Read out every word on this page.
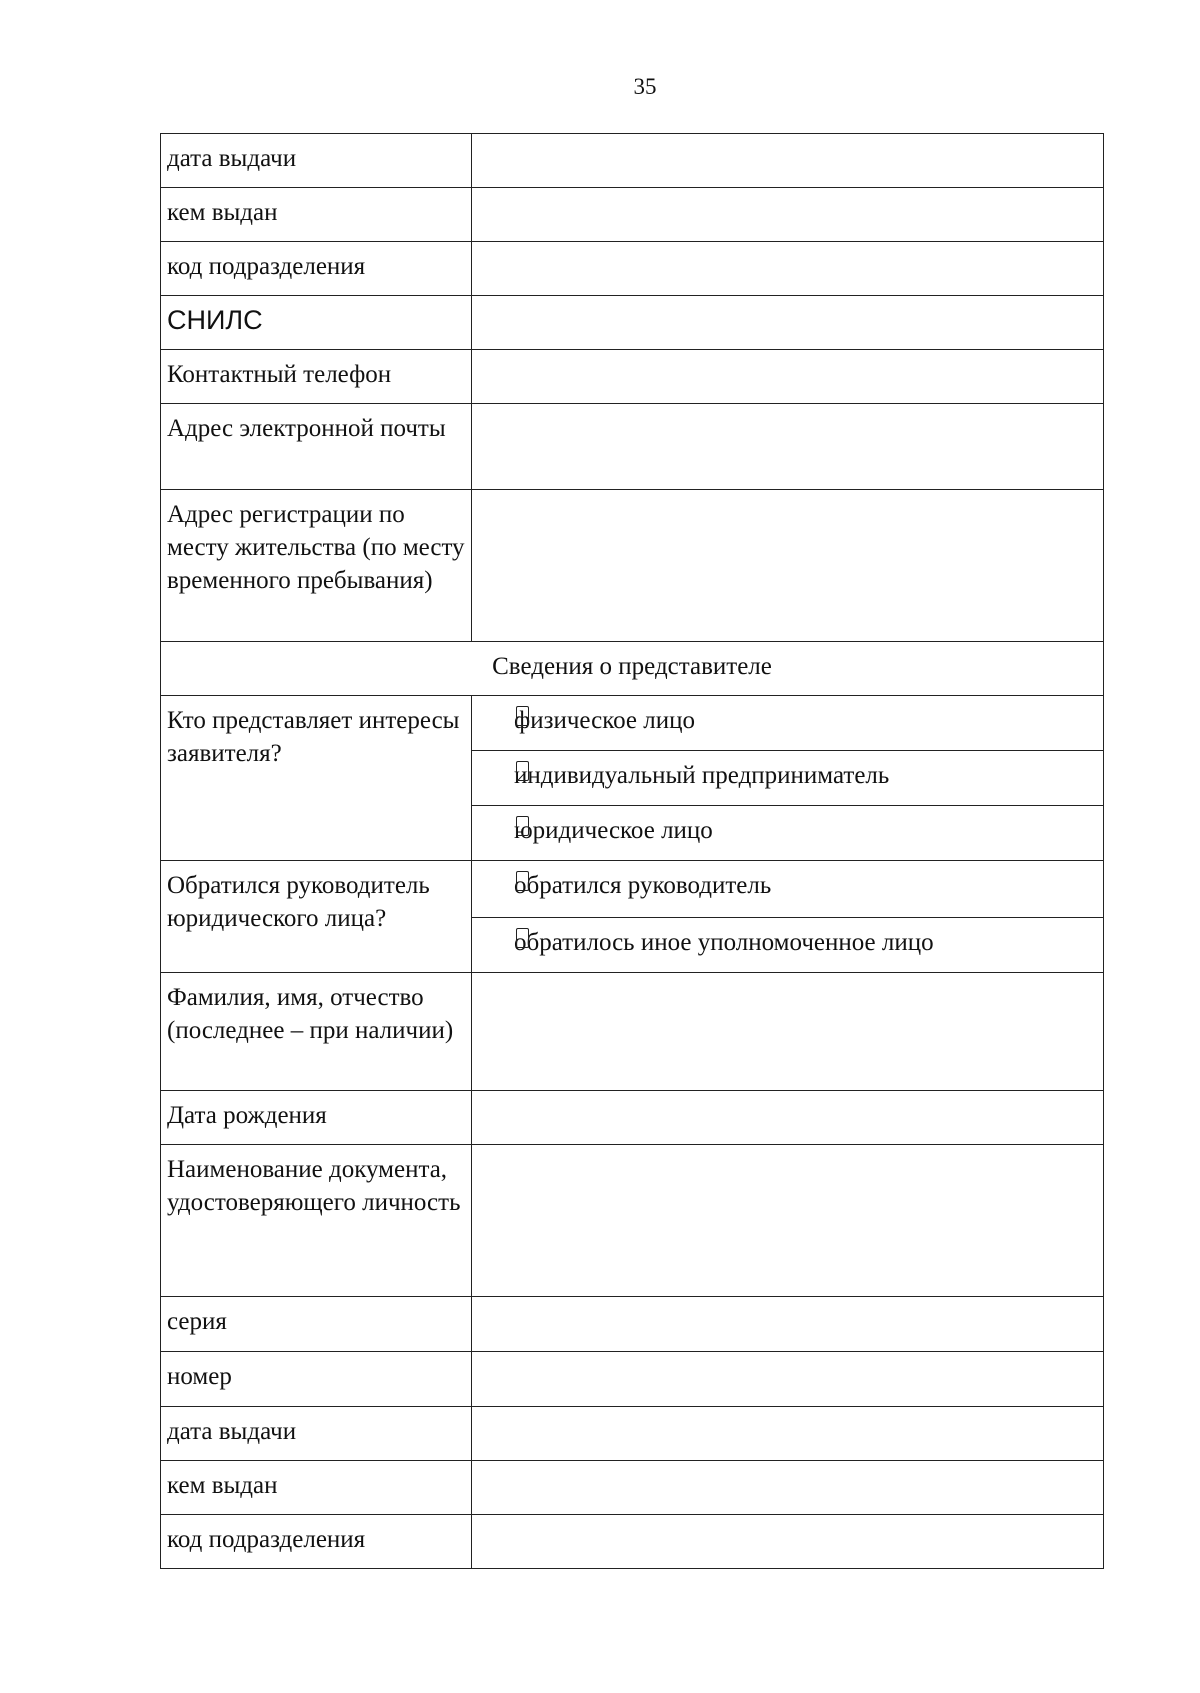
35
дата выдачи	
кем выдан	
код подразделения	
СНИЛС	
Контактный телефон	
Адрес электронной почты	
Адрес регистрации по месту жительства (по месту временного пребывания)	
Сведения о представителе	
Кто представляет интересы заявителя?	физическое лицо

индивидуальный предприниматель

юридическое лицо
Обратился руководитель юридического лица?	обратился руководитель

обратилось иное уполномоченное лицо
Фамилия, имя, отчество (последнее – при наличии)	
Дата рождения	
Наименование документа, удостоверяющего личность	
серия	
номер	
дата выдачи	
кем выдан	
код подразделения	
